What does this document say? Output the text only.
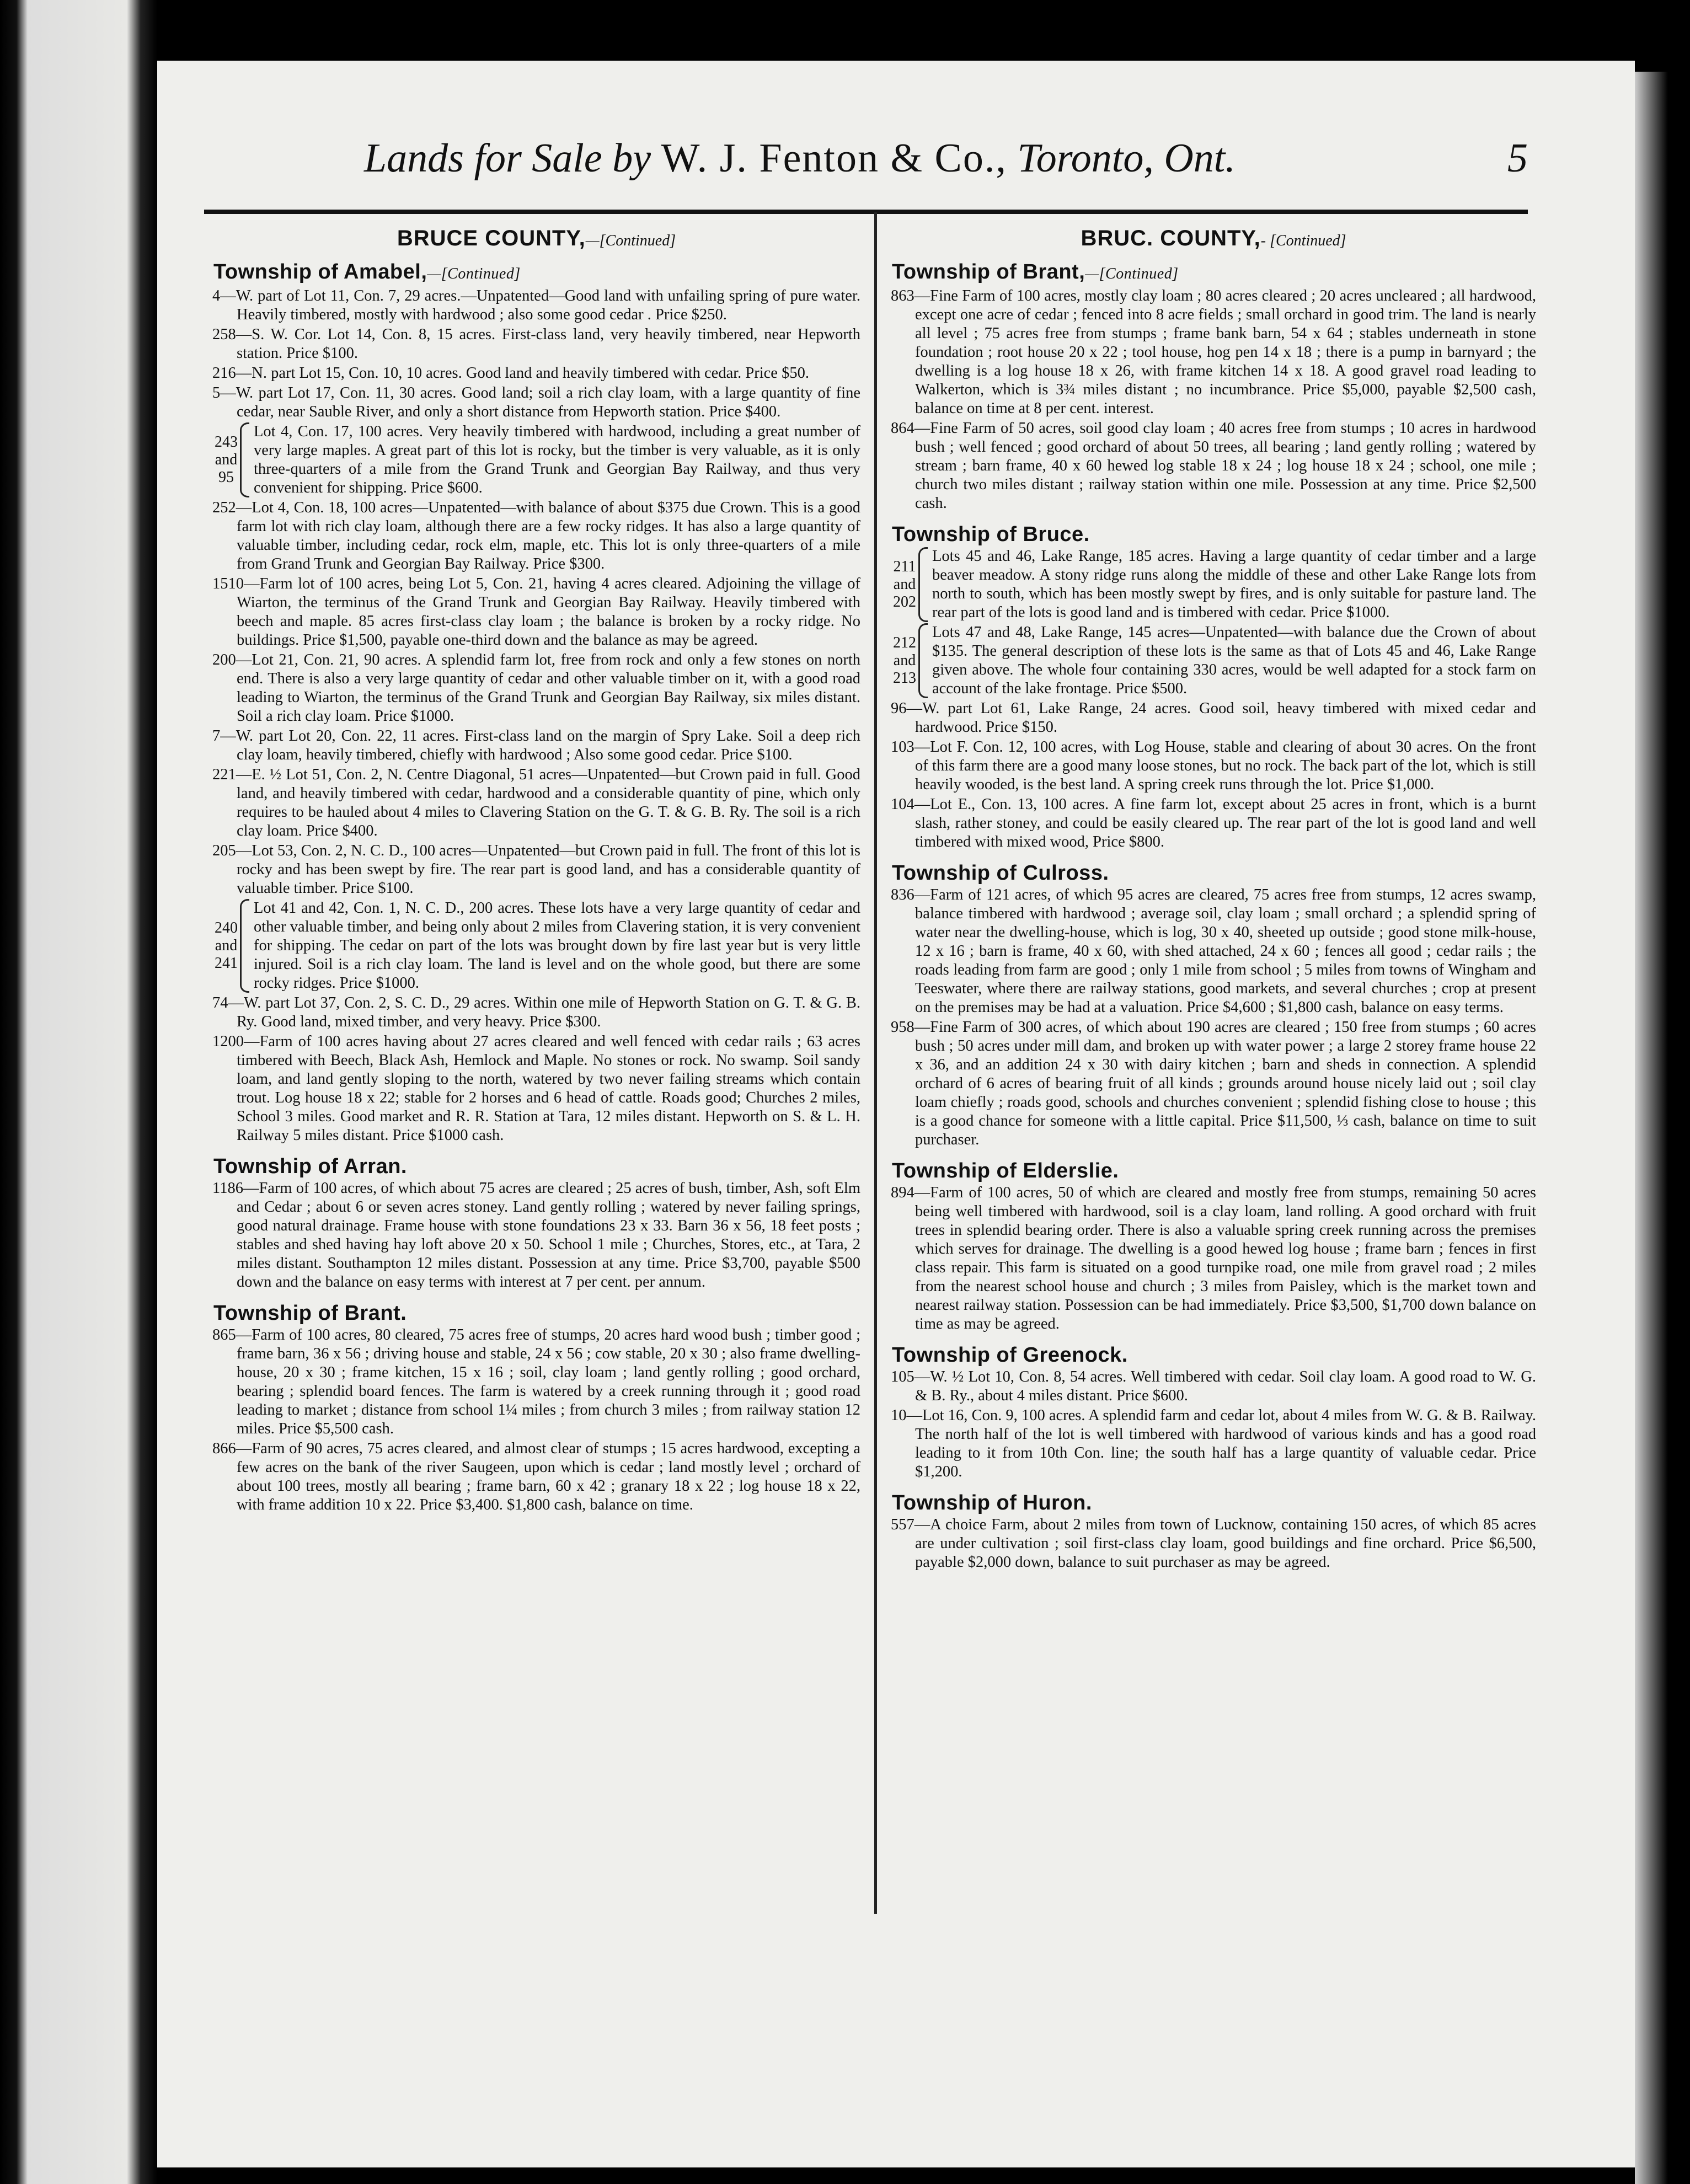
Lands for Sale by W. J. Fenton & Co., Toronto, Ont.	5
BRUCE COUNTY,—[Continued]
Township of Amabel,—[Continued]

4—W. part of Lot 11, Con. 7, 29 acres.—Unpatented—Good land with unfailing spring of pure water. Heavily timbered, mostly with hardwood ; also some good cedar . Price $250.

258—S. W. Cor. Lot 14, Con. 8, 15 acres. First-class land, very heavily timbered, near Hepworth station. Price $100.

216—N. part Lot 15, Con. 10, 10 acres. Good land and heavily timbered with cedar. Price $50.

5—W. part Lot 17, Con. 11, 30 acres. Good land; soil a rich clay loam, with a large quantity of fine cedar, near Sauble River, and only a short distance from Hepworth station. Price $400.

243
and
95
Lot 4, Con. 17, 100 acres. Very heavily timbered with hardwood, including a great number of very large maples. A great part of this lot is rocky, but the timber is very valuable, as it is only three-quarters of a mile from the Grand Trunk and Georgian Bay Railway, and thus very convenient for shipping. Price $600.

252—Lot 4, Con. 18, 100 acres—Unpatented—with balance of about $375 due Crown. This is a good farm lot with rich clay loam, although there are a few rocky ridges. It has also a large quantity of valuable timber, including cedar, rock elm, maple, etc. This lot is only three-quarters of a mile from Grand Trunk and Georgian Bay Railway. Price $300.

1510—Farm lot of 100 acres, being Lot 5, Con. 21, having 4 acres cleared. Adjoining the village of Wiarton, the terminus of the Grand Trunk and Georgian Bay Railway. Heavily timbered with beech and maple. 85 acres first-class clay loam ; the balance is broken by a rocky ridge. No buildings. Price $1,500, payable one-third down and the balance as may be agreed.

200—Lot 21, Con. 21, 90 acres. A splendid farm lot, free from rock and only a few stones on north end. There is also a very large quantity of cedar and other valuable timber on it, with a good road leading to Wiarton, the terminus of the Grand Trunk and Georgian Bay Railway, six miles distant. Soil a rich clay loam. Price $1000.

7—W. part Lot 20, Con. 22, 11 acres. First-class land on the margin of Spry Lake. Soil a deep rich clay loam, heavily timbered, chiefly with hardwood ; Also some good cedar. Price $100.

221—E. ½ Lot 51, Con. 2, N. Centre Diagonal, 51 acres—Unpatented—but Crown paid in full. Good land, and heavily timbered with cedar, hardwood and a considerable quantity of pine, which only requires to be hauled about 4 miles to Clavering Station on the G. T. & G. B. Ry. The soil is a rich clay loam. Price $400.

205—Lot 53, Con. 2, N. C. D., 100 acres—Unpatented—but Crown paid in full. The front of this lot is rocky and has been swept by fire. The rear part is good land, and has a considerable quantity of valuable timber. Price $100.

240
and
241
Lot 41 and 42, Con. 1, N. C. D., 200 acres. These lots have a very large quantity of cedar and other valuable timber, and being only about 2 miles from Clavering station, it is very convenient for shipping. The cedar on part of the lots was brought down by fire last year but is very little injured. Soil is a rich clay loam. The land is level and on the whole good, but there are some rocky ridges. Price $1000.

74—W. part Lot 37, Con. 2, S. C. D., 29 acres. Within one mile of Hepworth Station on G. T. & G. B. Ry. Good land, mixed timber, and very heavy. Price $300.

1200—Farm of 100 acres having about 27 acres cleared and well fenced with cedar rails ; 63 acres timbered with Beech, Black Ash, Hemlock and Maple. No stones or rock. No swamp. Soil sandy loam, and land gently sloping to the north, watered by two never failing streams which contain trout. Log house 18 x 22; stable for 2 horses and 6 head of cattle. Roads good; Churches 2 miles, School 3 miles. Good market and R. R. Station at Tara, 12 miles distant. Hepworth on S. & L. H. Railway 5 miles distant. Price $1000 cash.

Township of Arran.

1186—Farm of 100 acres, of which about 75 acres are cleared ; 25 acres of bush, timber, Ash, soft Elm and Cedar ; about 6 or seven acres stoney. Land gently rolling ; watered by never failing springs, good natural drainage. Frame house with stone foundations 23 x 33. Barn 36 x 56, 18 feet posts ; stables and shed having hay loft above 20 x 50. School 1 mile ; Churches, Stores, etc., at Tara, 2 miles distant. Southampton 12 miles distant. Possession at any time. Price $3,700, payable $500 down and the balance on easy terms with interest at 7 per cent. per annum.

Township of Brant.

865—Farm of 100 acres, 80 cleared, 75 acres free of stumps, 20 acres hard wood bush ; timber good ; frame barn, 36 x 56 ; driving house and stable, 24 x 56 ; cow stable, 20 x 30 ; also frame dwelling-house, 20 x 30 ; frame kitchen, 15 x 16 ; soil, clay loam ; land gently rolling ; good orchard, bearing ; splendid board fences. The farm is watered by a creek running through it ; good road leading to market ; distance from school 1¼ miles ; from church 3 miles ; from railway station 12 miles. Price $5,500 cash.

866—Farm of 90 acres, 75 acres cleared, and almost clear of stumps ; 15 acres hardwood, excepting a few acres on the bank of the river Saugeen, upon which is cedar ; land mostly level ; orchard of about 100 trees, mostly all bearing ; frame barn, 60 x 42 ; granary 18 x 22 ; log house 18 x 22, with frame addition 10 x 22. Price $3,400. $1,800 cash, balance on time.

BRUC. COUNTY,- [Continued]
Township of Brant,—[Continued]

863—Fine Farm of 100 acres, mostly clay loam ; 80 acres cleared ; 20 acres uncleared ; all hardwood, except one acre of cedar ; fenced into 8 acre fields ; small orchard in good trim. The land is nearly all level ; 75 acres free from stumps ; frame bank barn, 54 x 64 ; stables underneath in stone foundation ; root house 20 x 22 ; tool house, hog pen 14 x 18 ; there is a pump in barnyard ; the dwelling is a log house 18 x 26, with frame kitchen 14 x 18. A good gravel road leading to Walkerton, which is 3¾ miles distant ; no incumbrance. Price $5,000, payable $2,500 cash, balance on time at 8 per cent. interest.

864—Fine Farm of 50 acres, soil good clay loam ; 40 acres free from stumps ; 10 acres in hardwood bush ; well fenced ; good orchard of about 50 trees, all bearing ; land gently rolling ; watered by stream ; barn frame, 40 x 60 hewed log stable 18 x 24 ; log house 18 x 24 ; school, one mile ; church two miles distant ; railway station within one mile. Possession at any time. Price $2,500 cash.

Township of Bruce.
211
and
202
Lots 45 and 46, Lake Range, 185 acres. Having a large quantity of cedar timber and a large beaver meadow. A stony ridge runs along the middle of these and other Lake Range lots from north to south, which has been mostly swept by fires, and is only suitable for pasture land. The rear part of the lots is good land and is timbered with cedar. Price $1000.
212
and
213
Lots 47 and 48, Lake Range, 145 acres—Unpatented—with balance due the Crown of about $135. The general description of these lots is the same as that of Lots 45 and 46, Lake Range given above. The whole four containing 330 acres, would be well adapted for a stock farm on account of the lake frontage. Price $500.

96—W. part Lot 61, Lake Range, 24 acres. Good soil, heavy timbered with mixed cedar and hardwood. Price $150.

103—Lot F. Con. 12, 100 acres, with Log House, stable and clearing of about 30 acres. On the front of this farm there are a good many loose stones, but no rock. The back part of the lot, which is still heavily wooded, is the best land. A spring creek runs through the lot. Price $1,000.

104—Lot E., Con. 13, 100 acres. A fine farm lot, except about 25 acres in front, which is a burnt slash, rather stoney, and could be easily cleared up. The rear part of the lot is good land and well timbered with mixed wood, Price $800.

Township of Culross.

836—Farm of 121 acres, of which 95 acres are cleared, 75 acres free from stumps, 12 acres swamp, balance timbered with hardwood ; average soil, clay loam ; small orchard ; a splendid spring of water near the dwelling-house, which is log, 30 x 40, sheeted up outside ; good stone milk-house, 12 x 16 ; barn is frame, 40 x 60, with shed attached, 24 x 60 ; fences all good ; cedar rails ; the roads leading from farm are good ; only 1 mile from school ; 5 miles from towns of Wingham and Teeswater, where there are railway stations, good markets, and several churches ; crop at present on the premises may be had at a valuation. Price $4,600 ; $1,800 cash, balance on easy terms.

958—Fine Farm of 300 acres, of which about 190 acres are cleared ; 150 free from stumps ; 60 acres bush ; 50 acres under mill dam, and broken up with water power ; a large 2 storey frame house 22 x 36, and an addition 24 x 30 with dairy kitchen ; barn and sheds in connection. A splendid orchard of 6 acres of bearing fruit of all kinds ; grounds around house nicely laid out ; soil clay loam chiefly ; roads good, schools and churches convenient ; splendid fishing close to house ; this is a good chance for someone with a little capital. Price $11,500, ⅓ cash, balance on time to suit purchaser.

Township of Elderslie.

894—Farm of 100 acres, 50 of which are cleared and mostly free from stumps, remaining 50 acres being well timbered with hardwood, soil is a clay loam, land rolling. A good orchard with fruit trees in splendid bearing order. There is also a valuable spring creek running across the premises which serves for drainage. The dwelling is a good hewed log house ; frame barn ; fences in first class repair. This farm is situated on a good turnpike road, one mile from gravel road ; 2 miles from the nearest school house and church ; 3 miles from Paisley, which is the market town and nearest railway station. Possession can be had immediately. Price $3,500, $1,700 down balance on time as may be agreed.

Township of Greenock.

105—W. ½ Lot 10, Con. 8, 54 acres. Well timbered with cedar. Soil clay loam. A good road to W. G. & B. Ry., about 4 miles distant. Price $600.

10—Lot 16, Con. 9, 100 acres. A splendid farm and cedar lot, about 4 miles from W. G. & B. Railway. The north half of the lot is well timbered with hardwood of various kinds and has a good road leading to it from 10th Con. line; the south half has a large quantity of valuable cedar. Price $1,200.

Township of Huron.

557—A choice Farm, about 2 miles from town of Lucknow, containing 150 acres, of which 85 acres are under cultivation ; soil first-class clay loam, good buildings and fine orchard. Price $6,500, payable $2,000 down, balance to suit purchaser as may be agreed.
